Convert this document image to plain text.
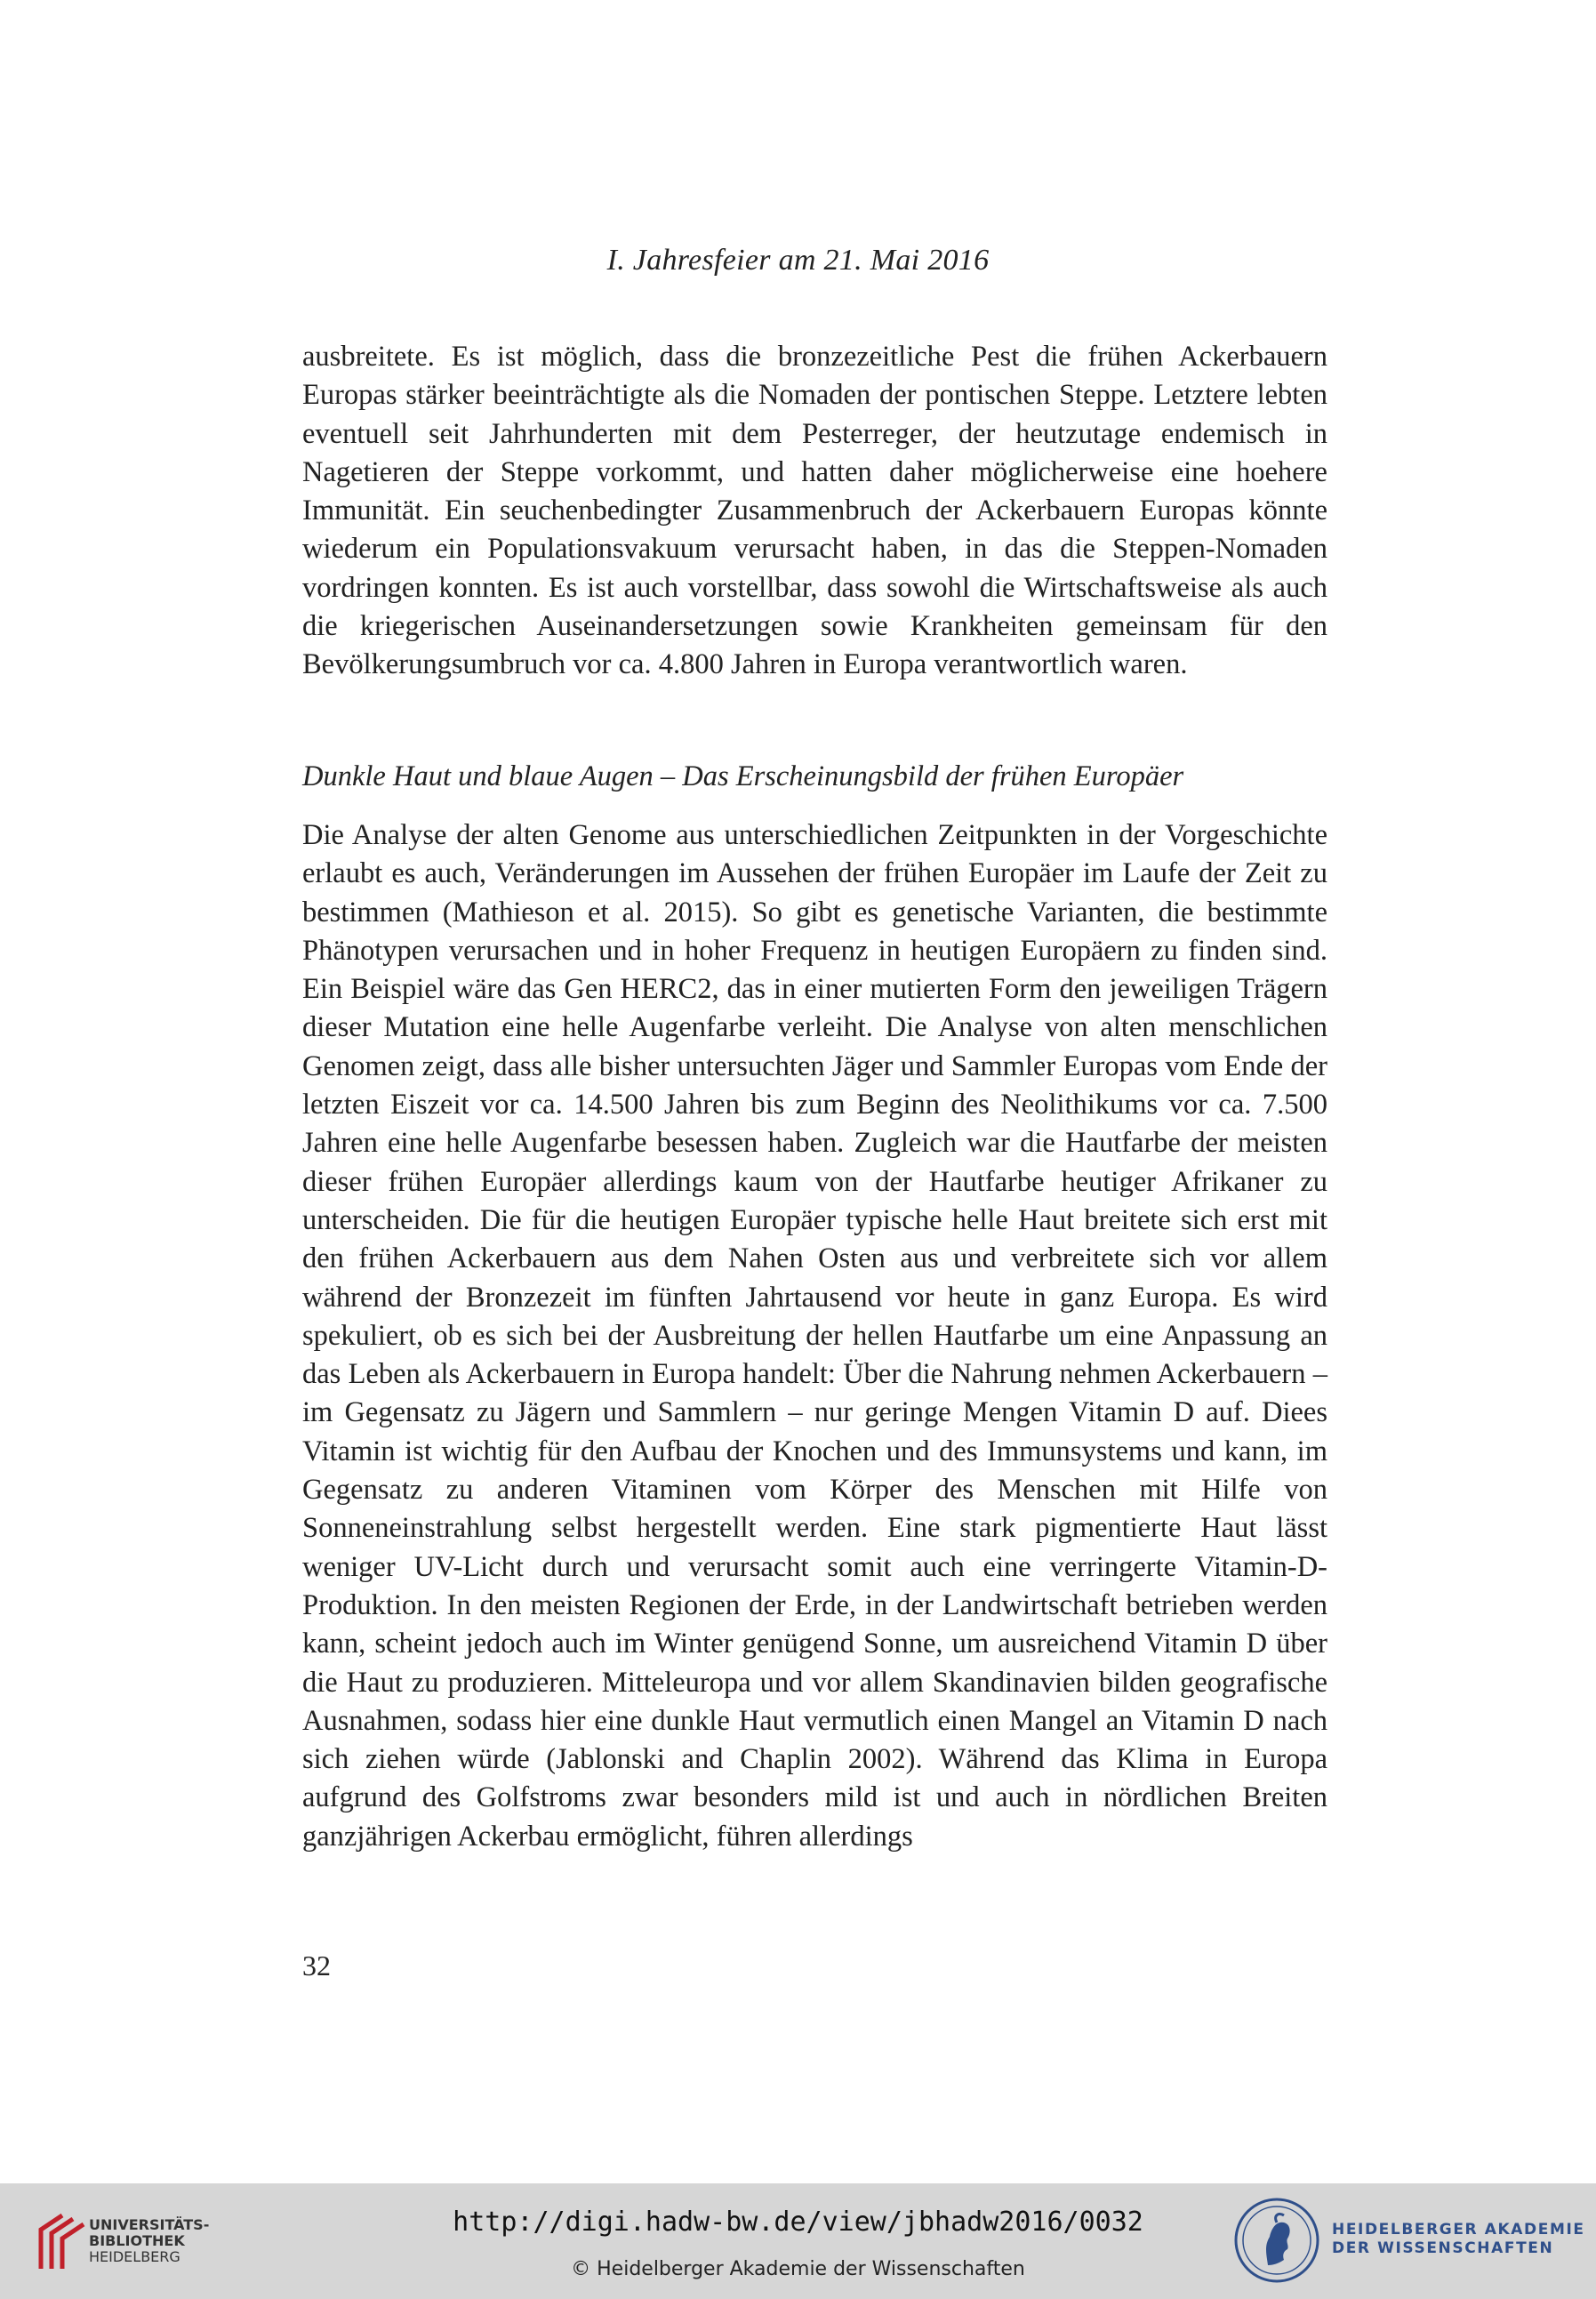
I. Jahresfeier am 21. Mai 2016

ausbreitete. Es ist möglich, dass die bronzezeitliche Pest die frühen Ackerbauern Europas stärker beeinträchtigte als die Nomaden der pontischen Steppe. Letztere lebten eventuell seit Jahrhunderten mit dem Pesterreger, der heutzutage endemisch in Nagetieren der Steppe vorkommt, und hatten daher möglicherweise eine hoehere Immunität. Ein seuchenbedingter Zusammenbruch der Ackerbauern Europas könnte wiederum ein Populationsvakuum verursacht haben, in das die Steppen-Nomaden vordringen konnten. Es ist auch vorstellbar, dass sowohl die Wirtschaftsweise als auch die kriegerischen Auseinandersetzungen sowie Krankheiten gemeinsam für den Bevölkerungsumbruch vor ca. 4.800 Jahren in Europa verantwortlich waren.

Dunkle Haut und blaue Augen – Das Erscheinungsbild der frühen Europäer

Die Analyse der alten Genome aus unterschiedlichen Zeitpunkten in der Vorgeschichte erlaubt es auch, Veränderungen im Aussehen der frühen Europäer im Laufe der Zeit zu bestimmen (Mathieson et al. 2015). So gibt es genetische Varianten, die bestimmte Phänotypen verursachen und in hoher Frequenz in heutigen Europäern zu finden sind. Ein Beispiel wäre das Gen HERC2, das in einer mutierten Form den jeweiligen Trägern dieser Mutation eine helle Augenfarbe verleiht. Die Analyse von alten menschlichen Genomen zeigt, dass alle bisher untersuchten Jäger und Sammler Europas vom Ende der letzten Eiszeit vor ca. 14.500 Jahren bis zum Beginn des Neolithikums vor ca. 7.500 Jahren eine helle Augenfarbe besessen haben. Zugleich war die Hautfarbe der meisten dieser frühen Europäer allerdings kaum von der Hautfarbe heutiger Afrikaner zu unterscheiden. Die für die heutigen Europäer typische helle Haut breitete sich erst mit den frühen Ackerbauern aus dem Nahen Osten aus und verbreitete sich vor allem während der Bronzezeit im fünften Jahrtausend vor heute in ganz Europa. Es wird spekuliert, ob es sich bei der Ausbreitung der hellen Hautfarbe um eine Anpassung an das Leben als Ackerbauern in Europa handelt: Über die Nahrung nehmen Ackerbauern – im Gegensatz zu Jägern und Sammlern – nur geringe Mengen Vitamin D auf. Diees Vitamin ist wichtig für den Aufbau der Knochen und des Immunsystems und kann, im Gegensatz zu anderen Vitaminen vom Körper des Menschen mit Hilfe von Sonneneinstrahlung selbst hergestellt werden. Eine stark pigmentierte Haut lässt weniger UV-Licht durch und verursacht somit auch eine verringerte Vitamin-D-Produktion. In den meisten Regionen der Erde, in der Landwirtschaft betrieben werden kann, scheint jedoch auch im Winter genügend Sonne, um ausreichend Vitamin D über die Haut zu produzieren. Mitteleuropa und vor allem Skandinavien bilden geografische Ausnahmen, sodass hier eine dunkle Haut vermutlich einen Mangel an Vitamin D nach sich ziehen würde (Jablonski and Chaplin 2002). Während das Klima in Europa aufgrund des Golfstroms zwar besonders mild ist und auch in nördlichen Breiten ganzjährigen Ackerbau ermöglicht, führen allerdings

32
UNIVERSITÄTS-
BIBLIOTHEK
HEIDELBERG
http://digi.hadw-bw.de/view/jbhadw2016/0032
© Heidelberger Akademie der Wissenschaften
HEIDELBERGER AKADEMIE
DER WISSENSCHAFTEN
